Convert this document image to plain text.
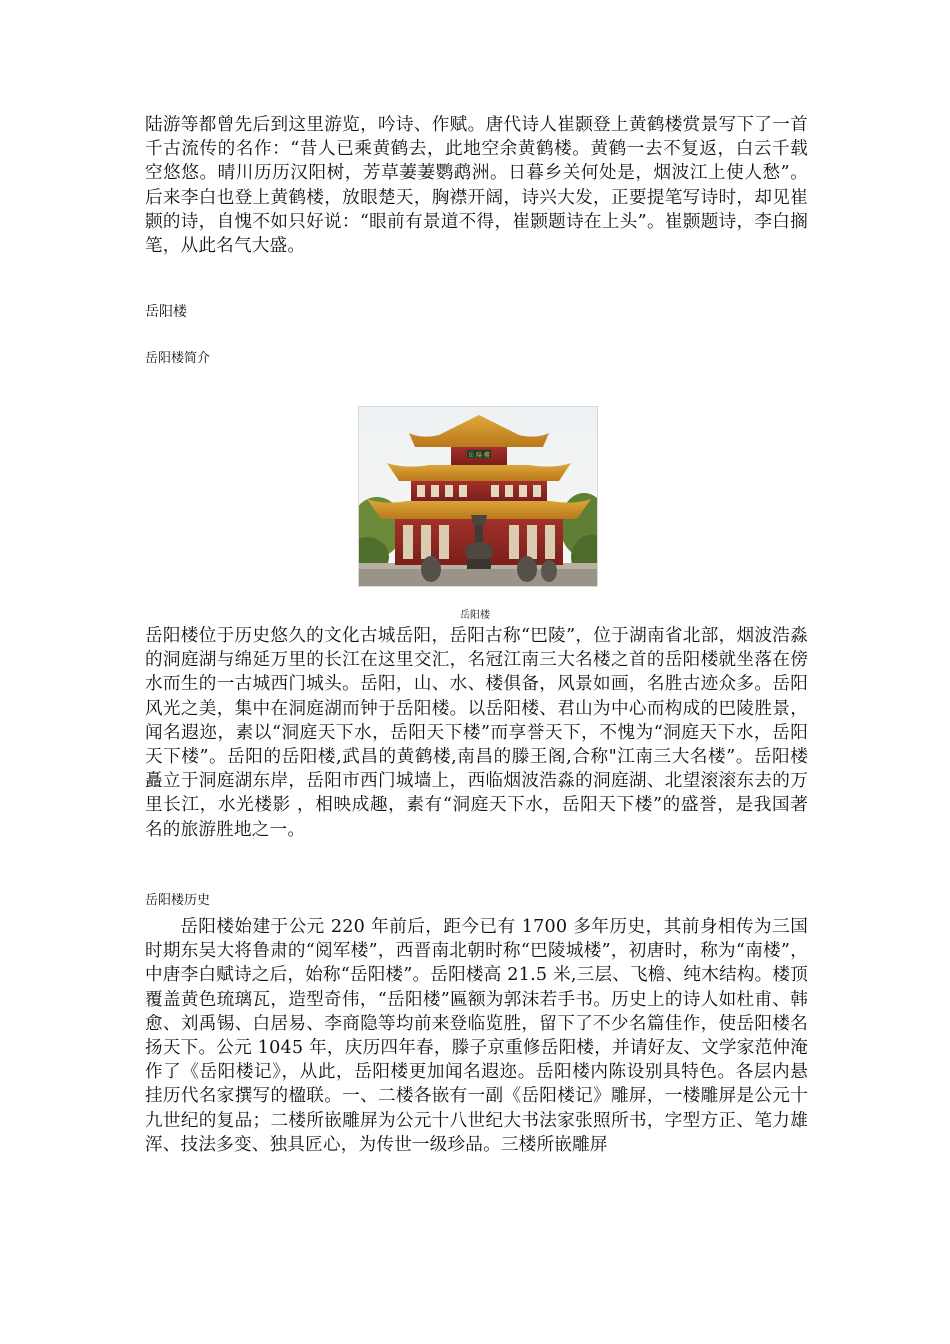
陆游等都曾先后到这里游览，吟诗、作赋。唐代诗人崔颢登上黄鹤楼赏景写下了一首千古流传的名作：“昔人已乘黄鹤去，此地空余黄鹤楼。黄鹤一去不复返，白云千载空悠悠。晴川历历汉阳树，芳草萋萋鹦鹉洲。日暮乡关何处是，烟波江上使人愁”。后来李白也登上黄鹤楼，放眼楚天，胸襟开阔，诗兴大发，正要提笔写诗时，却见崔颢的诗，自愧不如只好说：“眼前有景道不得，崔颢题诗在上头”。崔颢题诗，李白搁笔，从此名气大盛。

岳阳楼

岳阳楼简介

岳 陽 樓
岳阳楼

岳阳楼位于历史悠久的文化古城岳阳，岳阳古称“巴陵”，位于湖南省北部，烟波浩淼的洞庭湖与绵延万里的长江在这里交汇，名冠江南三大名楼之首的岳阳楼就坐落在傍水而生的一古城西门城头。岳阳，山、水、楼俱备，风景如画，名胜古迹众多。岳阳风光之美，集中在洞庭湖而钟于岳阳楼。以岳阳楼、君山为中心而构成的巴陵胜景，闻名遐迩，素以“洞庭天下水，岳阳天下楼”而享誉天下，不愧为“洞庭天下水，岳阳天下楼”。岳阳的岳阳楼,武昌的黄鹤楼,南昌的滕王阁,合称"江南三大名楼”。岳阳楼矗立于洞庭湖东岸，岳阳市西门城墙上，西临烟波浩淼的洞庭湖、北望滚滚东去的万里长江，水光楼影 ，相映成趣，素有“洞庭天下水，岳阳天下楼”的盛誉，是我国著名的旅游胜地之一。

岳阳楼历史

岳阳楼始建于公元 220 年前后，距今已有 1700 多年历史，其前身相传为三国时期东吴大将鲁肃的“阅军楼”，西晋南北朝时称“巴陵城楼”，初唐时，称为“南楼”，中唐李白赋诗之后，始称“岳阳楼”。岳阳楼高 21.5 米,三层、飞檐、纯木结构。楼顶覆盖黄色琉璃瓦，造型奇伟，“岳阳楼”匾额为郭沫若手书。历史上的诗人如杜甫、韩愈、刘禹锡、白居易、李商隐等均前来登临览胜，留下了不少名篇佳作，使岳阳楼名扬天下。公元 1045 年，庆历四年春，滕子京重修岳阳楼，并请好友、文学家范仲淹作了《岳阳楼记》，从此，岳阳楼更加闻名遐迩。岳阳楼内陈设别具特色。各层内悬挂历代名家撰写的楹联。一、二楼各嵌有一副《岳阳楼记》雕屏，一楼雕屏是公元十九世纪的复品；二楼所嵌雕屏为公元十八世纪大书法家张照所书，字型方正、笔力雄浑、技法多变、独具匠心，为传世一级珍品。三楼所嵌雕屏
